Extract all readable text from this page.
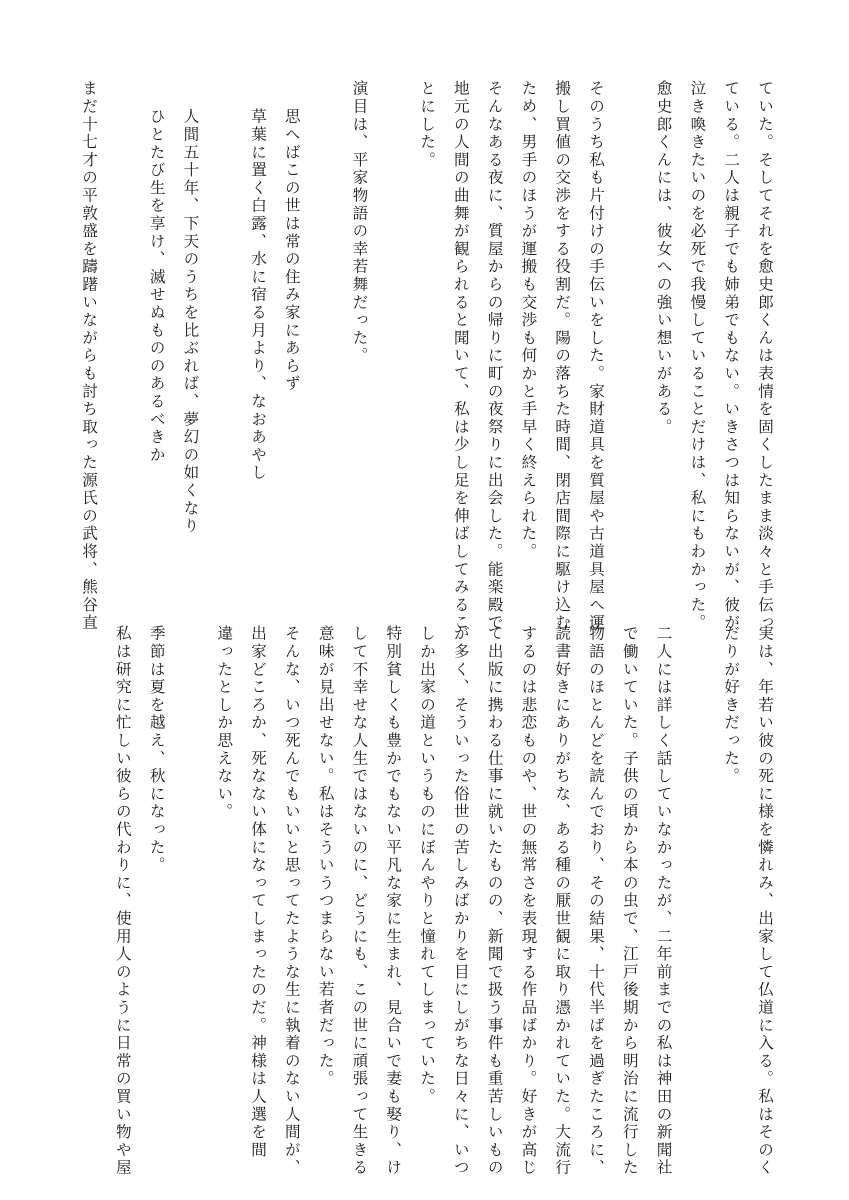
ていた。そしてそれを愈史郎くんは表情を固くしたまま淡々と手伝っ
ている。二人は親子でも姉弟でもない。いきさつは知らないが、彼が
泣き喚きたいのを必死で我慢していることだけは、私にもわかった。
愈史郎くんには、彼女への強い想いがある。
そのうち私も片付けの手伝いをした。家財道具を質屋や古道具屋へ運
搬し買値の交渉をする役割だ。陽の落ちた時間、閉店間際に駆け込む
ため、男手のほうが運搬も交渉も何かと手早く終えられた。
そんなある夜に、質屋からの帰りに町の夜祭りに出会した。能楽殿で
地元の人間の曲舞が観られると聞いて、私は少し足を伸ばしてみるこ
とにした。
演目は、平家物語の幸若舞だった。
思へばこの世は常の住み家にあらず
草葉に置く白露、水に宿る月より、なおあやし
人間五十年、下天のうちを比ぶれば、夢幻の如くなり
ひとたび生を享け、滅せぬもののあるべきか
まだ十七才の平敦盛を躊躇いながらも討ち取った源氏の武将、熊谷直
実は、年若い彼の死に様を憐れみ、出家して仏道に入る。私はそのく
だりが好きだった。
二人には詳しく話していなかったが、二年前までの私は神田の新聞社
で働いていた。子供の頃から本の虫で、江戸後期から明治に流行した
物語のほとんどを読んでおり、その結果、十代半ばを過ぎたころに、
読書好きにありがちな、ある種の厭世観に取り憑かれていた。大流行
するのは悲恋ものや、世の無常さを表現する作品ばかり。好きが高じ
て出版に携わる仕事に就いたものの、新聞で扱う事件も重苦しいもの
が多く、そういった俗世の苦しみばかりを目にしがちな日々に、いつ
しか出家の道というものにぼんやりと憧れてしまっていた。
特別貧しくも豊かでもない平凡な家に生まれ、見合いで妻も娶り、け
して不幸せな人生ではないのに、どうにも、この世に頑張って生きる
意味が見出せない。私はそういうつまらない若者だった。
そんな、いつ死んでもいいと思ってたような生に執着のない人間が、
出家どころか、死なない体になってしまったのだ。神様は人選を間
違ったとしか思えない。
季節は夏を越え、秋になった。
私は研究に忙しい彼らの代わりに、使用人のように日常の買い物や屋
